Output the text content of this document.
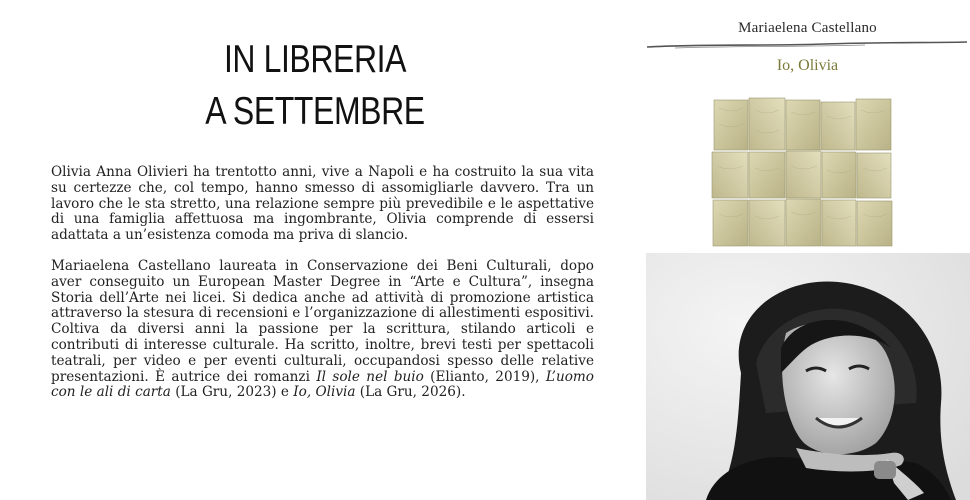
IN LIBRERIA
A SETTEMBRE

Olivia Anna Olivieri ha trentotto anni, vive a Napoli e ha costruito la sua vita su certezze che, col tempo, hanno smesso di assomigliarle davvero. Tra un lavoro che le sta stretto, una relazione sempre più prevedibile e le aspettative di una famiglia affettuosa ma ingombrante, Olivia comprende di essersi adattata a un’esistenza comoda ma priva di slancio.

Mariaelena Castellano laureata in Conservazione dei Beni Culturali, dopo aver conseguito un European Master Degree in “Arte e Cultura”, insegna Storia dell’Arte nei licei. Si dedica anche ad attività di promozione artistica attraverso la stesura di recensioni e l’organizzazione di allestimenti espositivi. Coltiva da diversi anni la passione per la scrittura, stilando articoli e contributi di interesse culturale. Ha scritto, inoltre, brevi testi per spettacoli teatrali, per video e per eventi culturali, occupandosi spesso delle relative presentazioni. È autrice dei romanzi Il sole nel buio (Elianto, 2019), L’uomo con le ali di carta (La Gru, 2023) e Io, Olivia (La Gru, 2026).

Mariaelena Castellano
Io, Olivia
